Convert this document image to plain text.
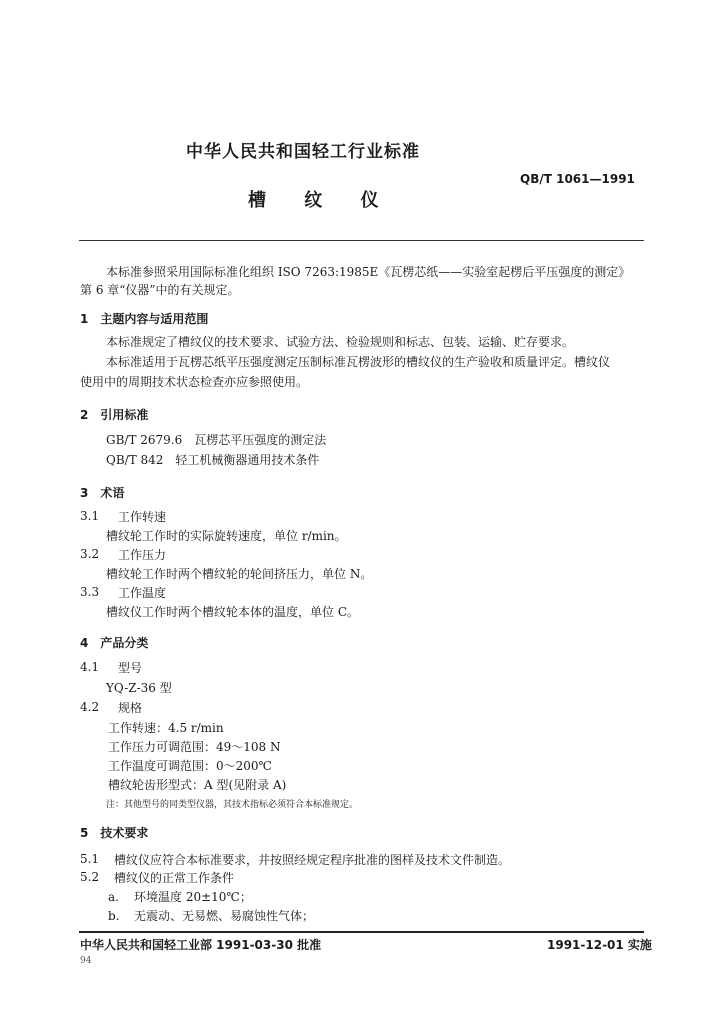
中华人民共和国轻工行业标准
QB/T 1061—1991
槽 纹 仪
本标准参照采用国际标准化组织 ISO 7263:1985E《瓦楞芯纸——实验室起楞后平压强度的测定》
第 6 章“仪器”中的有关规定。
1　主题内容与适用范围
本标准规定了槽纹仪的技术要求、试验方法、检验规则和标志、包装、运输、贮存要求。
本标准适用于瓦楞芯纸平压强度测定压制标准瓦楞波形的槽纹仪的生产验收和质量评定。槽纹仪
使用中的周期技术状态检查亦应参照使用。
2　引用标准
GB/T 2679.6　瓦楞芯平压强度的测定法
QB/T 842　轻工机械衡器通用技术条件
3　术语
3.1 工作转速
槽纹轮工作时的实际旋转速度，单位 r/min。
3.2 工作压力
槽纹轮工作时两个槽纹轮的轮间挤压力，单位 N。
3.3 工作温度
槽纹仪工作时两个槽纹轮本体的温度，单位 C。
4　产品分类
4.1 型号
YQ-Z-36 型
4.2 规格
工作转速：4.5 r/min
工作压力可调范围：49～108 N
工作温度可调范围：0～200℃
槽纹轮齿形型式：A 型(见附录 A)
注：其他型号的同类型仪器，其技术指标必须符合本标准规定。
5　技术要求
5.1 槽纹仪应符合本标准要求，并按照经规定程序批准的图样及技术文件制造。
5.2 槽纹仪的正常工作条件
a. 环境温度 20±10℃；
b. 无震动、无易燃、易腐蚀性气体；
中华人民共和国轻工业部 1991-03-30 批准	1991-12-01 实施
94
